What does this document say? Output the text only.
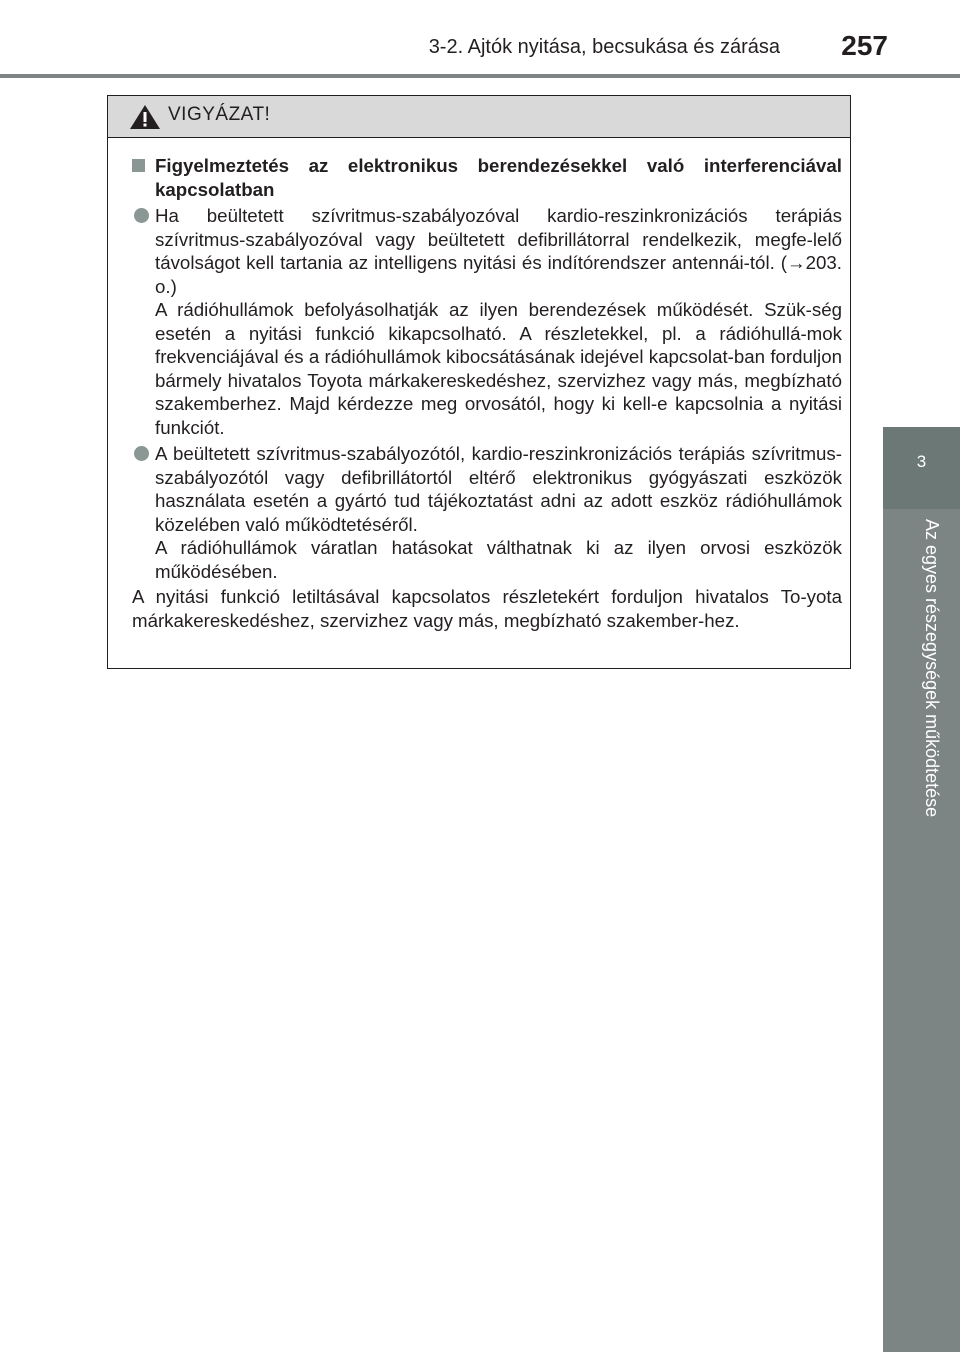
3-2. Ajtók nyitása, becsukása és zárása	257
3
Az egyes részegységek működtetése
VIGYÁZAT!
Figyelmeztetés az elektronikus berendezésekkel való interferenciával kapcsolatban
Ha beültetett szívritmus-szabályozóval kardio-reszinkronizációs terápiás szívritmus-szabályozóval vagy beültetett defibrillátorral rendelkezik, megfe-lelő távolságot kell tartania az intelligens nyitási és indítórendszer antennái-tól. (→203. o.)
A rádióhullámok befolyásolhatják az ilyen berendezések működését. Szük-ség esetén a nyitási funkció kikapcsolható. A részletekkel, pl. a rádióhullá-mok frekvenciájával és a rádióhullámok kibocsátásának idejével kapcsolat-ban forduljon bármely hivatalos Toyota márkakereskedéshez, szervizhez vagy más, megbízható szakemberhez. Majd kérdezze meg orvosától, hogy ki kell-e kapcsolnia a nyitási funkciót.
A beültetett szívritmus-szabályozótól, kardio-reszinkronizációs terápiás szívritmus-szabályozótól vagy defibrillátortól eltérő elektronikus gyógyászati eszközök használata esetén a gyártó tud tájékoztatást adni az adott eszköz rádióhullámok közelében való működtetéséről.
A rádióhullámok váratlan hatásokat válthatnak ki az ilyen orvosi eszközök működésében.
A nyitási funkció letiltásával kapcsolatos részletekért forduljon hivatalos To-yota márkakereskedéshez, szervizhez vagy más, megbízható szakember-hez.
